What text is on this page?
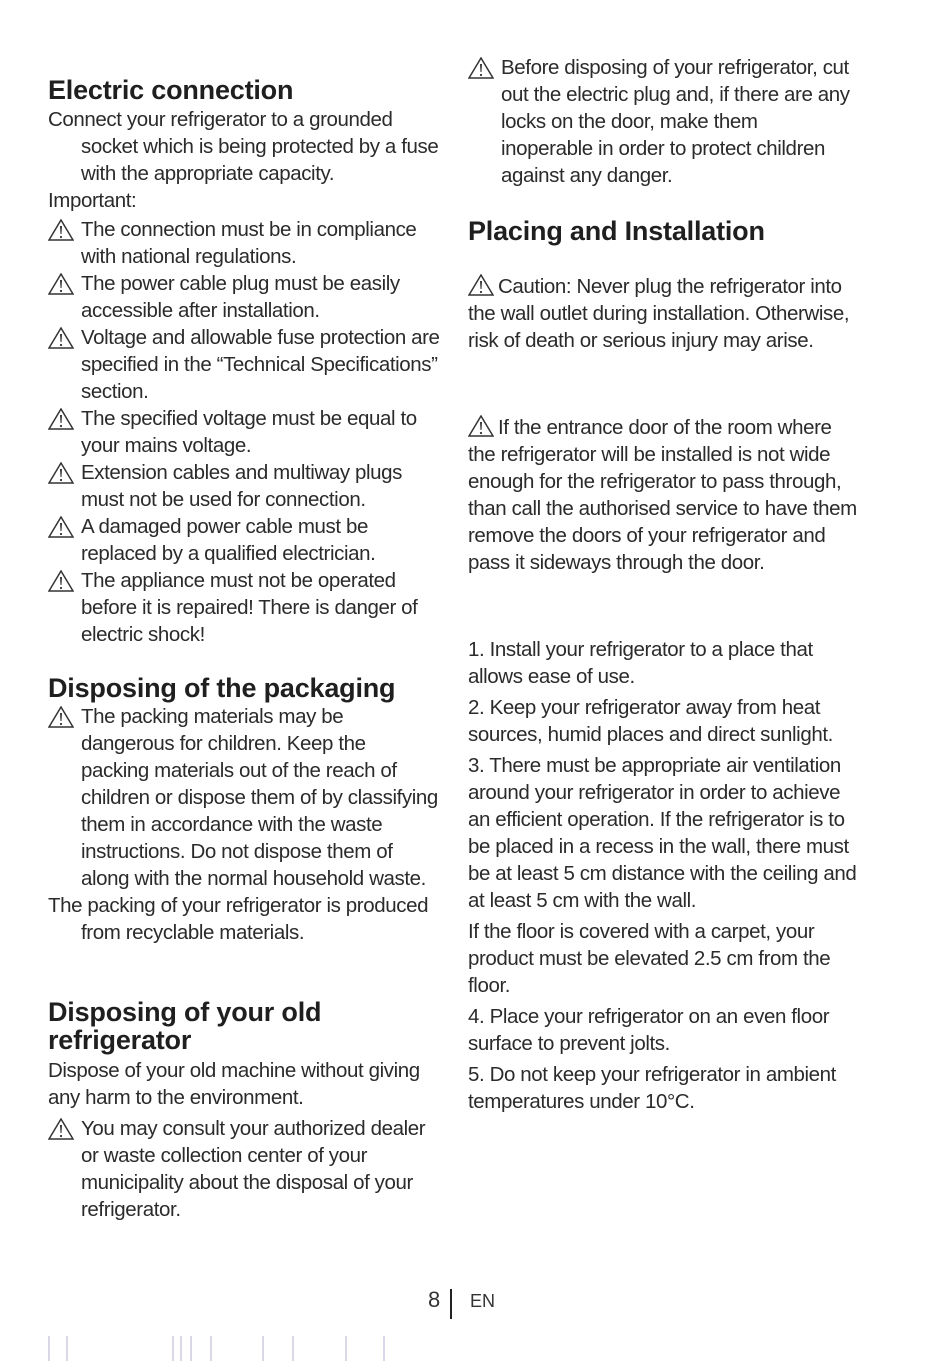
Electric connection

Connect your refrigerator to a grounded socket which is being protected by a fuse with the appropriate capacity.

Important:

The connection must be in compliance with national regulations.
The power cable plug must be easily accessible after installation.
Voltage and allowable fuse protection are specified in the “Technical Specifications” section.
The specified voltage must be equal to your mains voltage.
Extension cables and multiway plugs must not be used for connection.
A damaged power cable must be replaced by a qualified electrician.
The appliance must not be operated before it is repaired! There is danger of electric shock!
Disposing of the packaging
The packing materials may be dangerous for children. Keep the packing materials out of the reach of children or dispose them of by classifying them in accordance with the waste instructions. Do not dispose them of along with the normal household waste.

The packing of your refrigerator is produced from recyclable materials.

Disposing of your old
refrigerator

Dispose of your old machine without giving any harm to the environment.

You may consult your authorized dealer or waste collection center of your municipality about the disposal of your refrigerator.
Before disposing of your refrigerator, cut out the electric plug and, if there are any locks on the door, make them inoperable in order to protect children against any danger.
Placing and Installation

Caution: Never plug the refrigerator into the wall outlet during installation. Otherwise, risk of death or serious injury may arise.

If the entrance door of the room where the refrigerator will be installed is not wide enough for the refrigerator to pass through, than call the authorised service to have them remove the doors of your refrigerator and pass it sideways through the door.

1. Install your refrigerator to a place that allows ease of use.

2. Keep your refrigerator away from heat sources, humid places and direct sunlight.

3. There must be appropriate air ventilation around your refrigerator in order to achieve an efficient operation. If the refrigerator is to be placed in a recess in the wall, there must be at least 5 cm distance with the ceiling and at least 5 cm with the wall.

If the floor is covered with a carpet, your product must be elevated 2.5 cm from the floor.

4. Place your refrigerator on an even floor surface to prevent jolts.

5. Do not keep your refrigerator in ambient temperatures under 10°C.

8 EN
